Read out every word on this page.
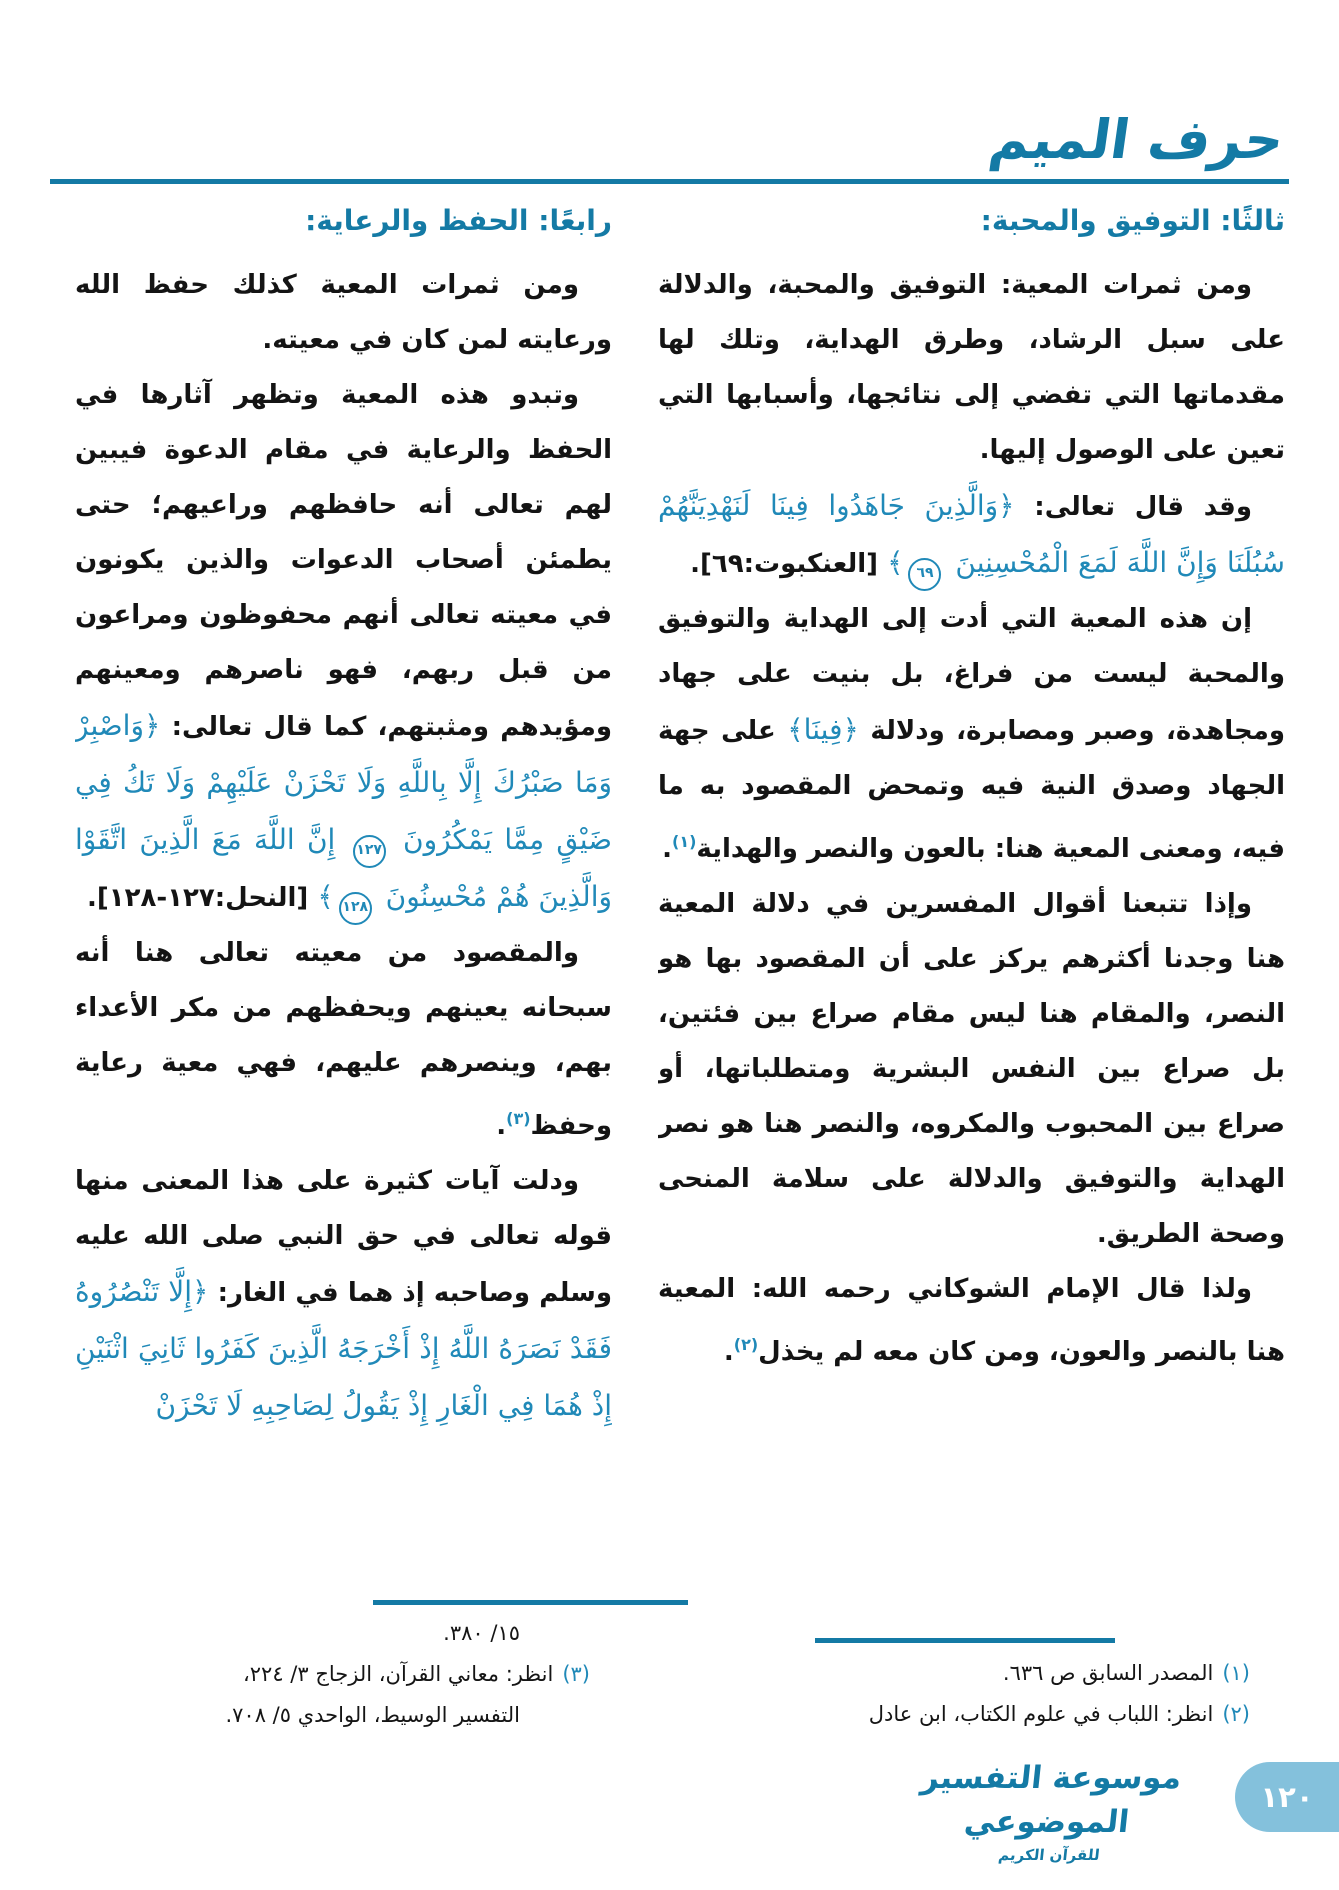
حرف الميم
ثالثًا: التوفيق والمحبة:

ومن ثمرات المعية: التوفيق والمحبة، والدلالة على سبل الرشاد، وطرق الهداية، وتلك لها مقدماتها التي تفضي إلى نتائجها، وأسبابها التي تعين على الوصول إليها.

وقد قال تعالى: ﴿وَالَّذِينَ جَاهَدُوا فِينَا لَنَهْدِيَنَّهُمْ سُبُلَنَا وَإِنَّ اللَّهَ لَمَعَ الْمُحْسِنِينَ ٦٩﴾ [العنكبوت:٦٩].

إن هذه المعية التي أدت إلى الهداية والتوفيق والمحبة ليست من فراغ، بل بنيت على جهاد ومجاهدة، وصبر ومصابرة، ودلالة ﴿فِينَا﴾ على جهة الجهاد وصدق النية فيه وتمحض المقصود به ما فيه، ومعنى المعية هنا: بالعون والنصر والهداية$^{(١)}$.

وإذا تتبعنا أقوال المفسرين في دلالة المعية هنا وجدنا أكثرهم يركز على أن المقصود بها هو النصر، والمقام هنا ليس مقام صراع بين فئتين، بل صراع بين النفس البشرية ومتطلباتها، أو صراع بين المحبوب والمكروه، والنصر هنا هو نصر الهداية والتوفيق والدلالة على سلامة المنحى وصحة الطريق.

ولذا قال الإمام الشوكاني رحمه الله: المعية هنا بالنصر والعون، ومن كان معه لم يخذل$^{(٢)}$.

رابعًا: الحفظ والرعاية:

ومن ثمرات المعية كذلك حفظ الله ورعايته لمن كان في معيته.

وتبدو هذه المعية وتظهر آثارها في الحفظ والرعاية في مقام الدعوة فيبين لهم تعالى أنه حافظهم وراعيهم؛ حتى يطمئن أصحاب الدعوات والذين يكونون في معيته تعالى أنهم محفوظون ومراعون من قبل ربهم، فهو ناصرهم ومعينهم ومؤيدهم ومثبتهم، كما قال تعالى: ﴿وَاصْبِرْ وَمَا صَبْرُكَ إِلَّا بِاللَّهِ وَلَا تَحْزَنْ عَلَيْهِمْ وَلَا تَكُ فِي ضَيْقٍ مِمَّا يَمْكُرُونَ ١٢٧ إِنَّ اللَّهَ مَعَ الَّذِينَ اتَّقَوْا وَالَّذِينَ هُمْ مُحْسِنُونَ ١٢٨﴾ [النحل:١٢٧-١٢٨].

والمقصود من معيته تعالى هنا أنه سبحانه يعينهم ويحفظهم من مكر الأعداء بهم، وينصرهم عليهم، فهي معية رعاية وحفظ$^{(٣)}$.

ودلت آيات كثيرة على هذا المعنى منها قوله تعالى في حق النبي صلى الله عليه وسلم وصاحبه إذ هما في الغار: ﴿إِلَّا تَنْصُرُوهُ فَقَدْ نَصَرَهُ اللَّهُ إِذْ أَخْرَجَهُ الَّذِينَ كَفَرُوا ثَانِيَ اثْنَيْنِ إِذْ هُمَا فِي الْغَارِ إِذْ يَقُولُ لِصَاحِبِهِ لَا تَحْزَنْ

(١)المصدر السابق ص ٦٣٦.
(٢)انظر: اللباب في علوم الكتاب، ابن عادل
١٥/ ٣٨٠.
(٣)انظر: معاني القرآن، الزجاج ٣/ ٢٢٤،
التفسير الوسيط، الواحدي ٥/ ٧٠٨.
موسوعة التفسير الموضوعي
للقرآن الكريم
١٢٠
